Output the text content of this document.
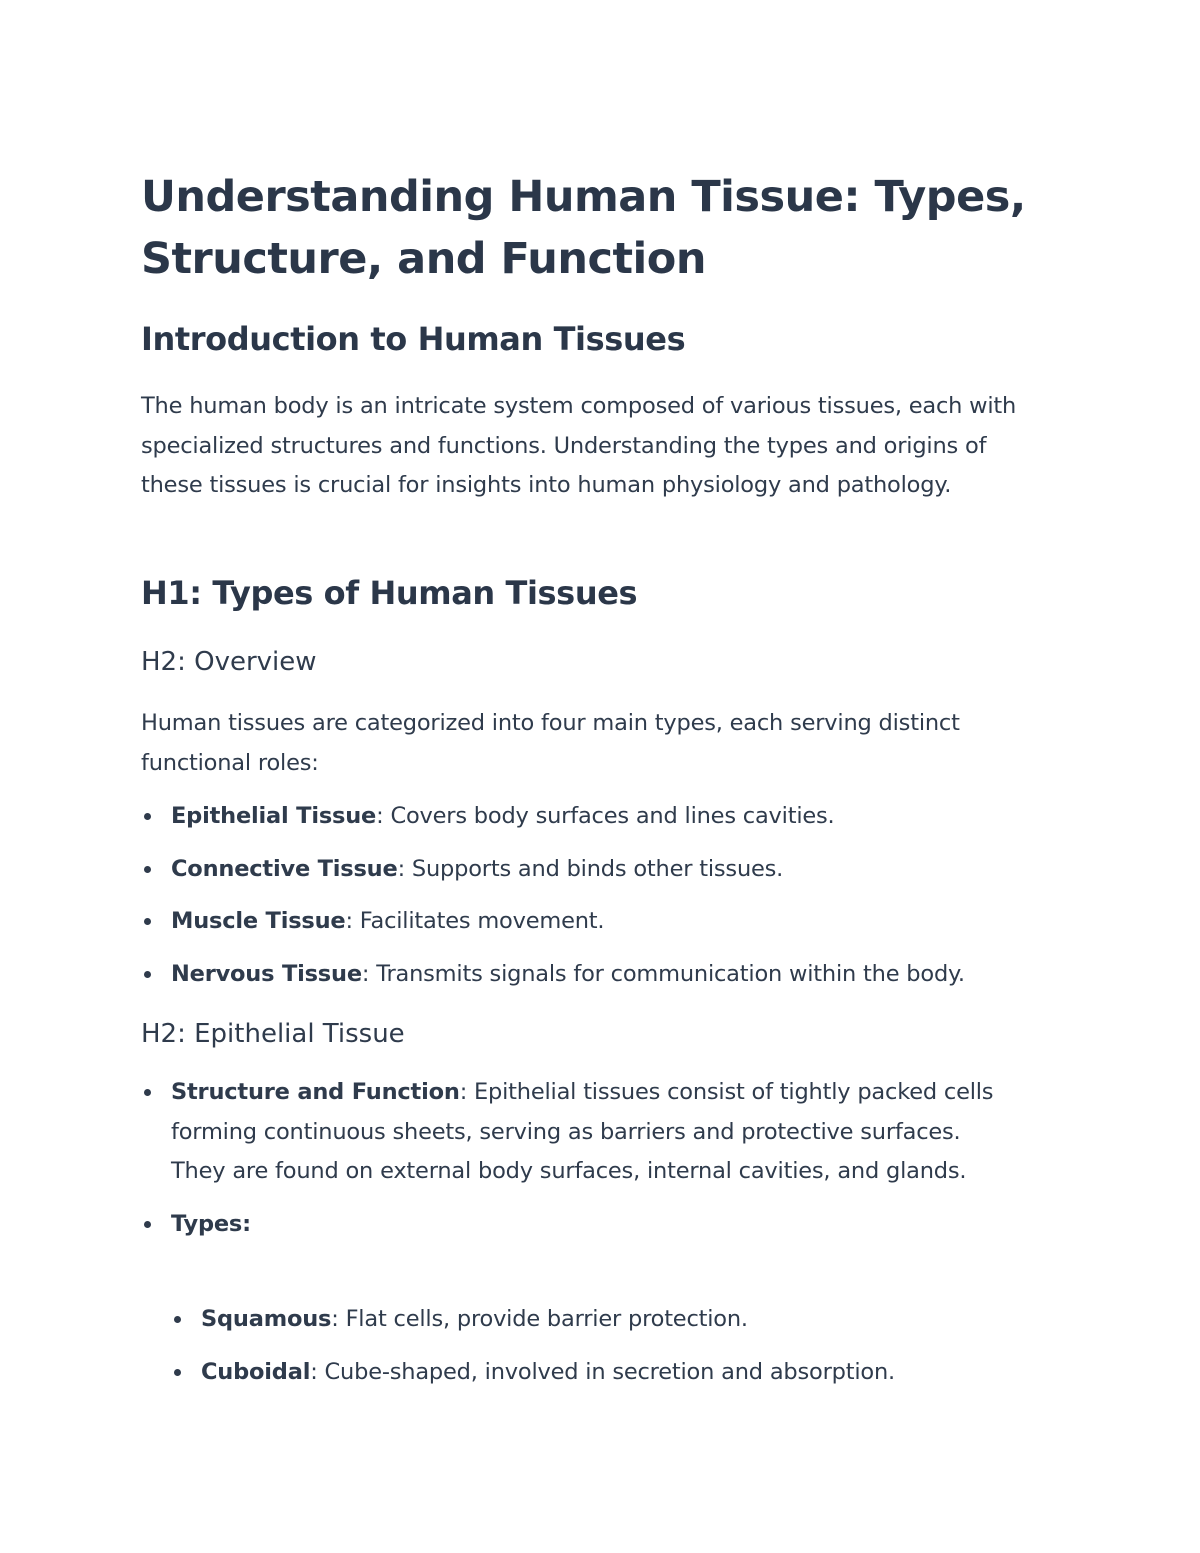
Understanding Human Tissue: Types, Structure, and Function
Introduction to Human Tissues

The human body is an intricate system composed of various tissues, each with specialized structures and functions. Understanding the types and origins of these tissues is crucial for insights into human physiology and pathology.

H1: Types of Human Tissues
H2: Overview

Human tissues are categorized into four main types, each serving distinct functional roles:

Epithelial Tissue: Covers body surfaces and lines cavities.
Connective Tissue: Supports and binds other tissues.
Muscle Tissue: Facilitates movement.
Nervous Tissue: Transmits signals for communication within the body.
H2: Epithelial Tissue
Structure and Function: Epithelial tissues consist of tightly packed cells forming continuous sheets, serving as barriers and protective surfaces. They are found on external body surfaces, internal cavities, and glands.
Types:
Squamous: Flat cells, provide barrier protection.
Cuboidal: Cube-shaped, involved in secretion and absorption.
